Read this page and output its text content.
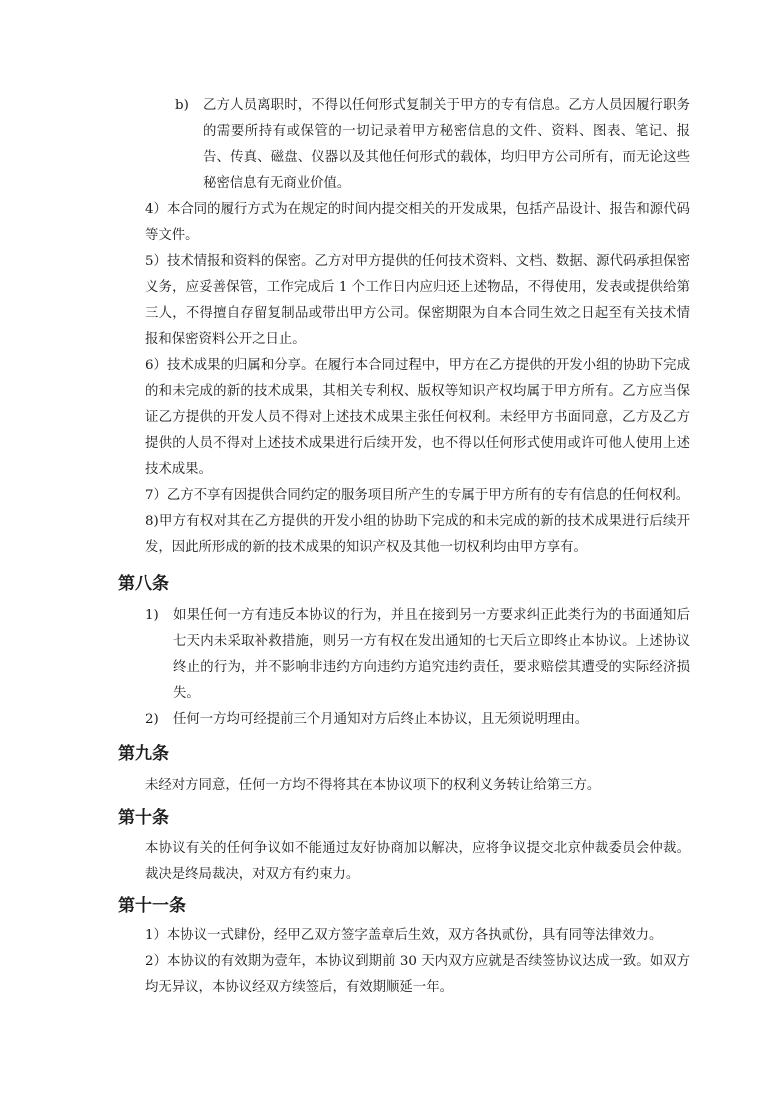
b)	乙方人员离职时，不得以任何形式复制关于甲方的专有信息。乙方人员因履行职务的需要所持有或保管的一切记录着甲方秘密信息的文件、资料、图表、笔记、报告、传真、磁盘、仪器以及其他任何形式的载体，均归甲方公司所有，而无论这些秘密信息有无商业价值。

4）本合同的履行方式为在规定的时间内提交相关的开发成果，包括产品设计、报告和源代码等文件。

5）技术情报和资料的保密。乙方对甲方提供的任何技术资料、文档、数据、源代码承担保密义务，应妥善保管，工作完成后 1 个工作日内应归还上述物品，不得使用，发表或提供给第三人，不得擅自存留复制品或带出甲方公司。保密期限为自本合同生效之日起至有关技术情报和保密资料公开之日止。

6）技术成果的归属和分享。在履行本合同过程中，甲方在乙方提供的开发小组的协助下完成的和未完成的新的技术成果，其相关专利权、版权等知识产权均属于甲方所有。乙方应当保证乙方提供的开发人员不得对上述技术成果主张任何权利。未经甲方书面同意，乙方及乙方提供的人员不得对上述技术成果进行后续开发，也不得以任何形式使用或许可他人使用上述技术成果。

7）乙方不享有因提供合同约定的服务项目所产生的专属于甲方所有的专有信息的任何权利。

8)甲方有权对其在乙方提供的开发小组的协助下完成的和未完成的新的技术成果进行后续开发，因此所形成的新的技术成果的知识产权及其他一切权利均由甲方享有。

第八条
1)	如果任何一方有违反本协议的行为，并且在接到另一方要求纠正此类行为的书面通知后七天内未采取补救措施，则另一方有权在发出通知的七天后立即终止本协议。上述协议终止的行为，并不影响非违约方向违约方追究违约责任，要求赔偿其遭受的实际经济损失。
2)	任何一方均可经提前三个月通知对方后终止本协议，且无须说明理由。
第九条

未经对方同意，任何一方均不得将其在本协议项下的权利义务转让给第三方。

第十条

本协议有关的任何争议如不能通过友好协商加以解决，应将争议提交北京仲裁委员会仲裁。裁决是终局裁决，对双方有约束力。

第十一条

1）本协议一式肆份，经甲乙双方签字盖章后生效，双方各执贰份，具有同等法律效力。

2）本协议的有效期为壹年，本协议到期前 30 天内双方应就是否续签协议达成一致。如双方均无异议，本协议经双方续签后，有效期顺延一年。
